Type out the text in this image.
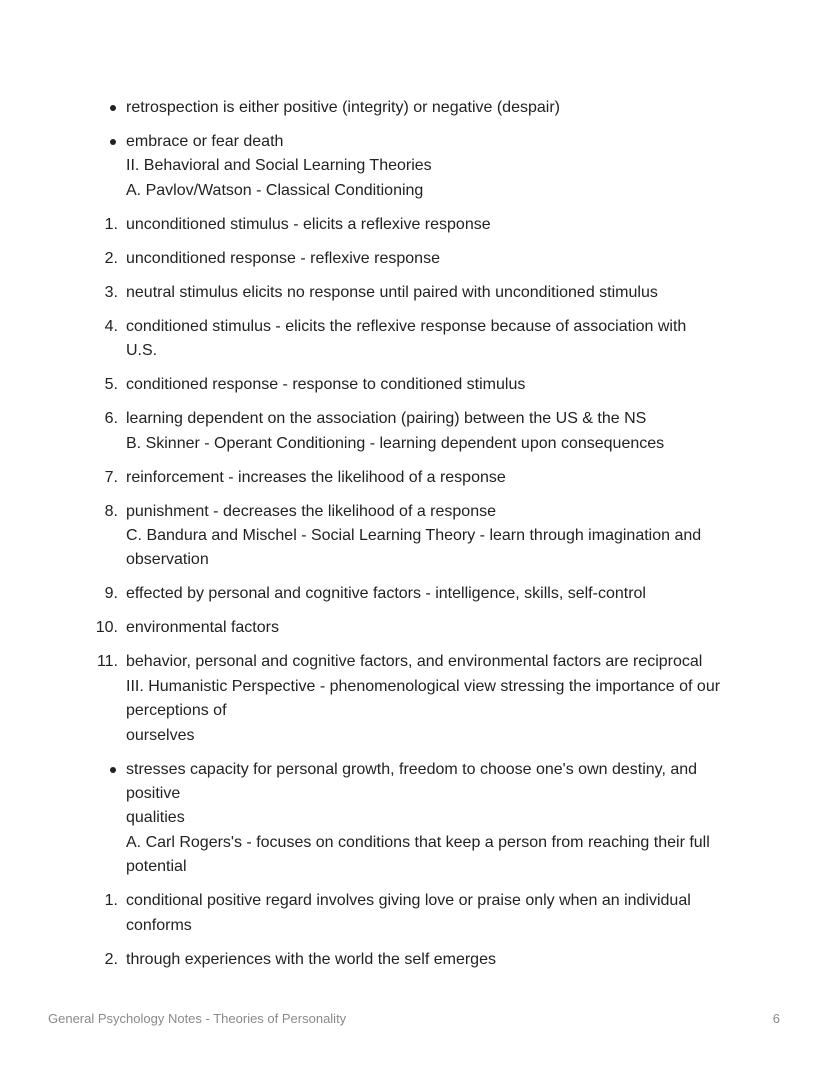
retrospection is either positive (integrity) or negative (despair)
embrace or fear death
II. Behavioral and Social Learning Theories
A. Pavlov/Watson - Classical Conditioning
1. unconditioned stimulus - elicits a reflexive response
2. unconditioned response - reflexive response
3. neutral stimulus elicits no response until paired with unconditioned stimulus
4. conditioned stimulus - elicits the reflexive response because of association with
U.S.
5. conditioned response - response to conditioned stimulus
6. learning dependent on the association (pairing) between the US & the NS
B. Skinner - Operant Conditioning - learning dependent upon consequences
7. reinforcement - increases the likelihood of a response
8. punishment - decreases the likelihood of a response
C. Bandura and Mischel - Social Learning Theory - learn through imagination and
observation
9. effected by personal and cognitive factors - intelligence, skills, self-control
10. environmental factors
11. behavior, personal and cognitive factors, and environmental factors are reciprocal
III. Humanistic Perspective - phenomenological view stressing the importance of our
perceptions of
ourselves
stresses capacity for personal growth, freedom to choose one's own destiny, and
positive
qualities
A. Carl Rogers's - focuses on conditions that keep a person from reaching their full
potential
1. conditional positive regard involves giving love or praise only when an individual
conforms
2. through experiences with the world the self emerges
General Psychology Notes - Theories of Personality	6
